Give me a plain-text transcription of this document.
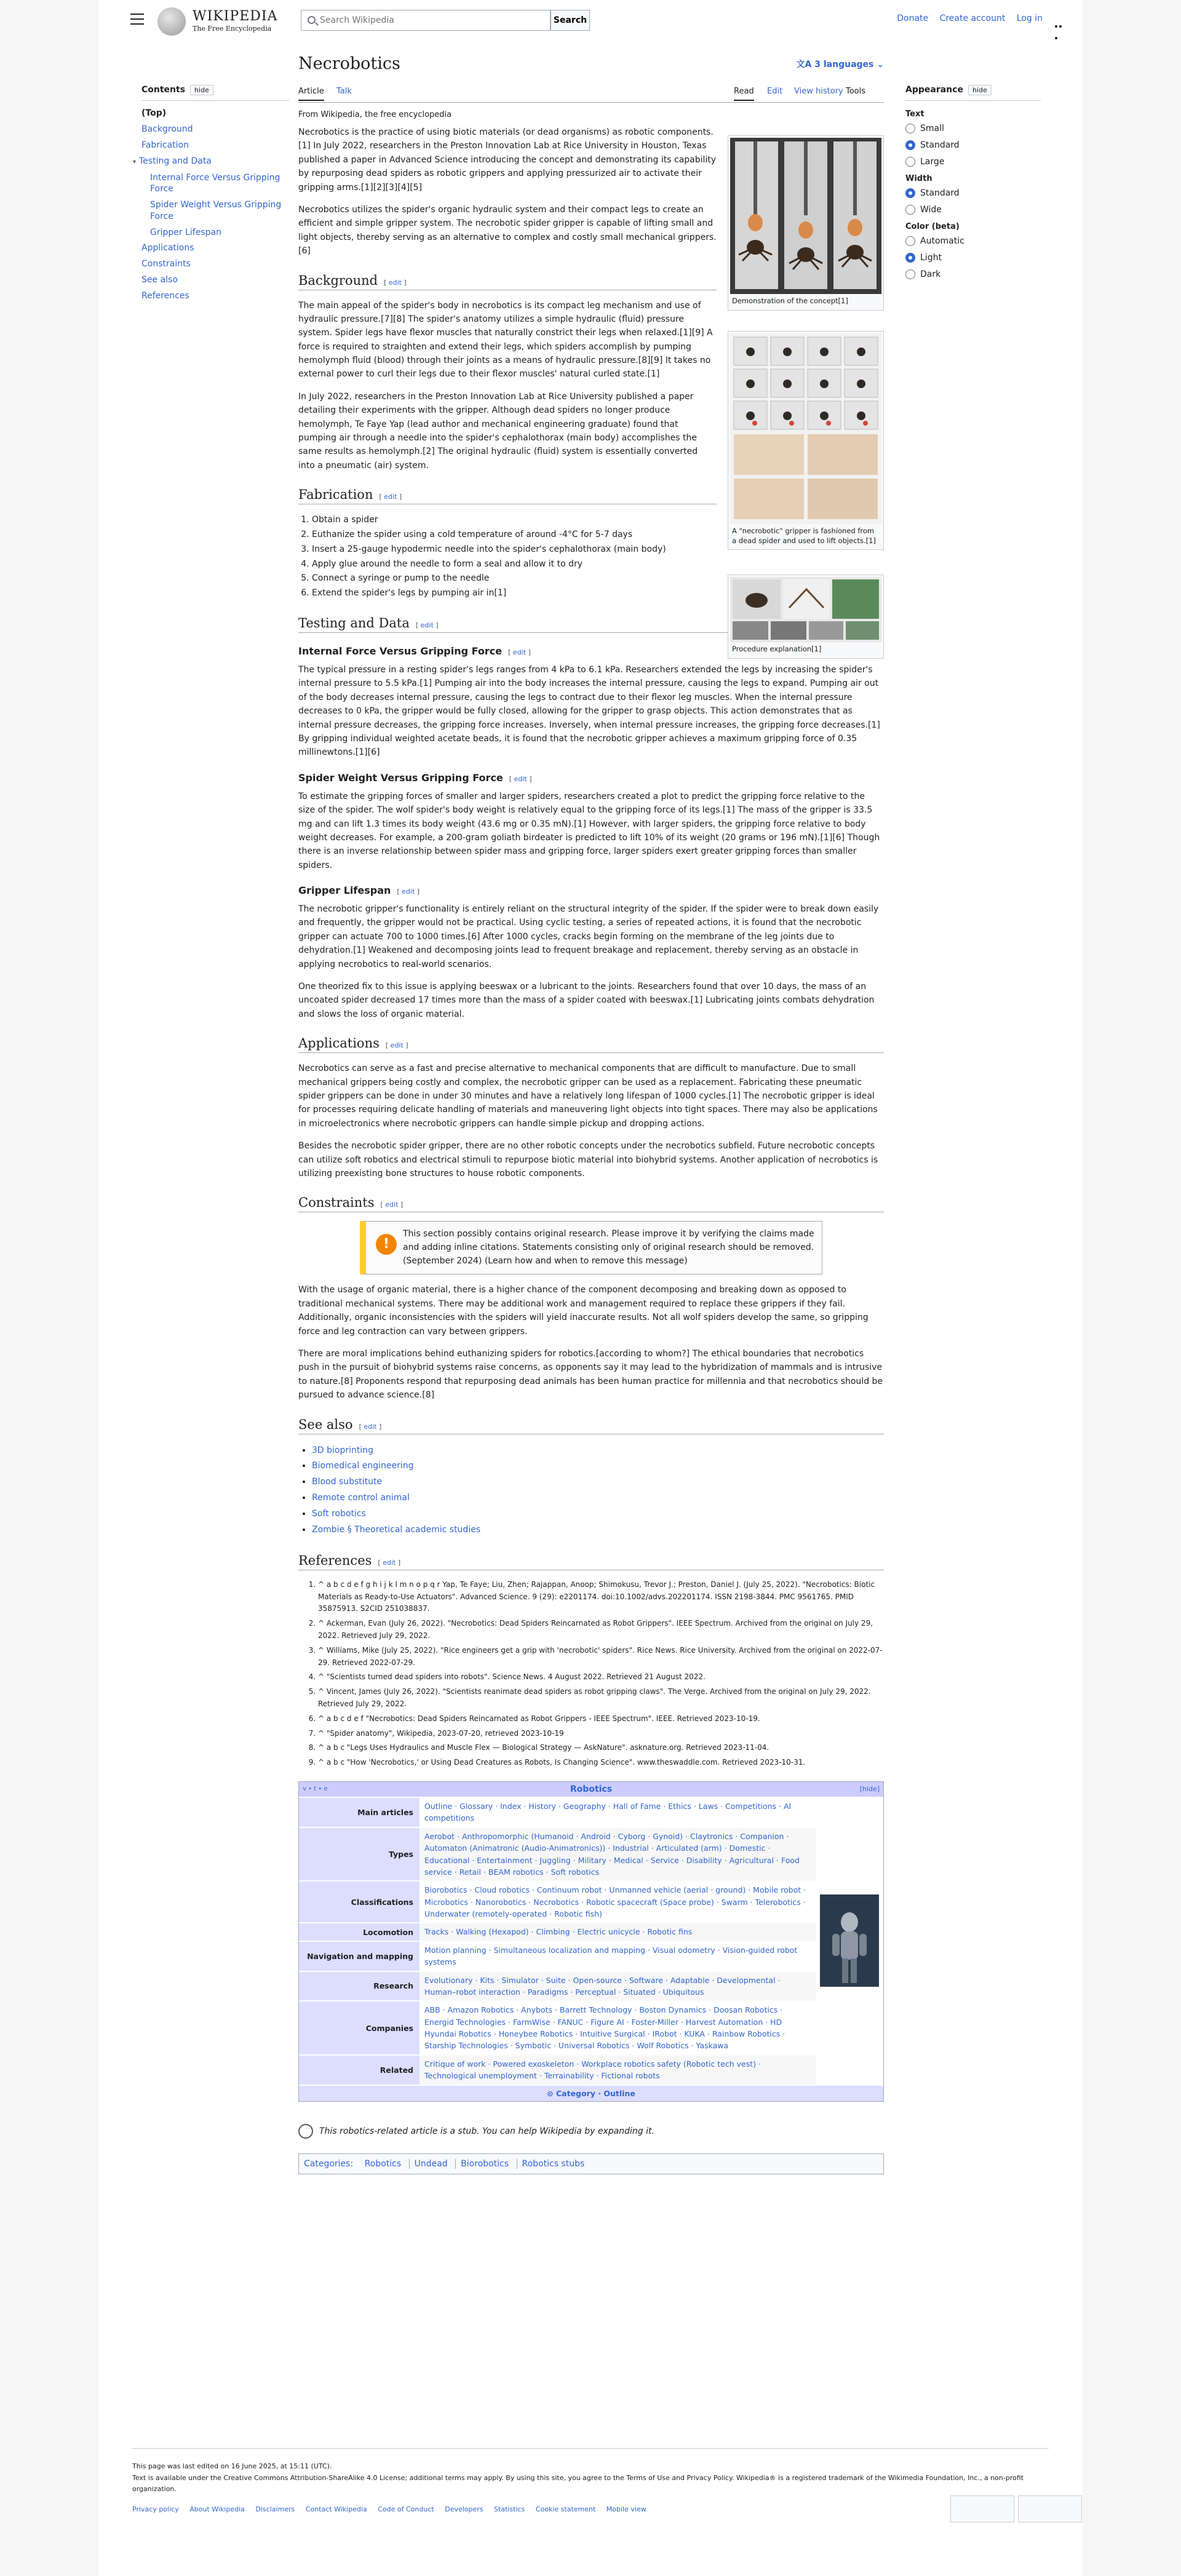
WIKIPEDIA
The Free Encyclopedia
Search Wikipedia
Search	Donate Create account Log in
Contents hide
(Top)
Background
Fabrication
▾ Testing and Data
Internal Force Versus Gripping Force
Spider Weight Versus Gripping Force
Gripper Lifespan
Applications
Constraints
See also
References
Appearance hide
Text
Small
Standard
Large
Width
Standard
Wide
Color (beta)
Automatic
Light
Dark
Necrobotics	文A 3 languages ⌄
Article Talk	Read Edit View history Tools
From Wikipedia, the free encyclopedia

Necrobotics is the practice of using biotic materials (or dead organisms) as robotic components.[1] In July 2022, researchers in the Preston Innovation Lab at Rice University in Houston, Texas published a paper in Advanced Science introducing the concept and demonstrating its capability by repurposing dead spiders as robotic grippers and applying pressurized air to activate their gripping arms.[1][2][3][4][5]

Necrobotics utilizes the spider's organic hydraulic system and their compact legs to create an efficient and simple gripper system. The necrobotic spider gripper is capable of lifting small and light objects, thereby serving as an alternative to complex and costly small mechanical grippers.[6]

Background [ edit ]

The main appeal of the spider's body in necrobotics is its compact leg mechanism and use of hydraulic pressure.[7][8] The spider's anatomy utilizes a simple hydraulic (fluid) pressure system. Spider legs have flexor muscles that naturally constrict their legs when relaxed.[1][9] A force is required to straighten and extend their legs, which spiders accomplish by pumping hemolymph fluid (blood) through their joints as a means of hydraulic pressure.[8][9] It takes no external power to curl their legs due to their flexor muscles' natural curled state.[1]

In July 2022, researchers in the Preston Innovation Lab at Rice University published a paper detailing their experiments with the gripper. Although dead spiders no longer produce hemolymph, Te Faye Yap (lead author and mechanical engineering graduate) found that pumping air through a needle into the spider's cephalothorax (main body) accomplishes the same results as hemolymph.[2] The original hydraulic (fluid) system is essentially converted into a pneumatic (air) system.

Fabrication [ edit ]
1. Obtain a spider
2. Euthanize the spider using a cold temperature of around -4°C for 5-7 days
3. Insert a 25-gauge hypodermic needle into the spider's cephalothorax (main body)
4. Apply glue around the needle to form a seal and allow it to dry
5. Connect a syringe or pump to the needle
6. Extend the spider's legs by pumping air in[1]
Testing and Data [ edit ]
Internal Force Versus Gripping Force [ edit ]

The typical pressure in a resting spider's legs ranges from 4 kPa to 6.1 kPa. Researchers extended the legs by increasing the spider's internal pressure to 5.5 kPa.[1] Pumping air into the body increases the internal pressure, causing the legs to expand. Pumping air out of the body decreases internal pressure, causing the legs to contract due to their flexor leg muscles. When the internal pressure decreases to 0 kPa, the gripper would be fully closed, allowing for the gripper to grasp objects. This action demonstrates that as internal pressure decreases, the gripping force increases. Inversely, when internal pressure increases, the gripping force decreases.[1] By gripping individual weighted acetate beads, it is found that the necrobotic gripper achieves a maximum gripping force of 0.35 millinewtons.[1][6]

Spider Weight Versus Gripping Force [ edit ]

To estimate the gripping forces of smaller and larger spiders, researchers created a plot to predict the gripping force relative to the size of the spider. The wolf spider's body weight is relatively equal to the gripping force of its legs.[1] The mass of the gripper is 33.5 mg and can lift 1.3 times its body weight (43.6 mg or 0.35 mN).[1] However, with larger spiders, the gripping force relative to body weight decreases. For example, a 200-gram goliath birdeater is predicted to lift 10% of its weight (20 grams or 196 mN).[1][6] Though there is an inverse relationship between spider mass and gripping force, larger spiders exert greater gripping forces than smaller spiders.

Gripper Lifespan [ edit ]

The necrobotic gripper's functionality is entirely reliant on the structural integrity of the spider. If the spider were to break down easily and frequently, the gripper would not be practical. Using cyclic testing, a series of repeated actions, it is found that the necrobotic gripper can actuate 700 to 1000 times.[6] After 1000 cycles, cracks begin forming on the membrane of the leg joints due to dehydration.[1] Weakened and decomposing joints lead to frequent breakage and replacement, thereby serving as an obstacle in applying necrobotics to real-world scenarios.

One theorized fix to this issue is applying beeswax or a lubricant to the joints. Researchers found that over 10 days, the mass of an uncoated spider decreased 17 times more than the mass of a spider coated with beeswax.[1] Lubricating joints combats dehydration and slows the loss of organic material.

Applications [ edit ]

Necrobotics can serve as a fast and precise alternative to mechanical components that are difficult to manufacture. Due to small mechanical grippers being costly and complex, the necrobotic gripper can be used as a replacement. Fabricating these pneumatic spider grippers can be done in under 30 minutes and have a relatively long lifespan of 1000 cycles.[1] The necrobotic gripper is ideal for processes requiring delicate handling of materials and maneuvering light objects into tight spaces. There may also be applications in microelectronics where necrobotic grippers can handle simple pickup and dropping actions.

Besides the necrobotic spider gripper, there are no other robotic concepts under the necrobotics subfield. Future necrobotic concepts can utilize soft robotics and electrical stimuli to repurpose biotic material into biohybrid systems. Another application of necrobotics is utilizing preexisting bone structures to house robotic components.

Constraints [ edit ]
!
This section possibly contains original research. Please improve it by verifying the claims made and adding inline citations. Statements consisting only of original research should be removed. (September 2024) (Learn how and when to remove this message)

With the usage of organic material, there is a higher chance of the component decomposing and breaking down as opposed to traditional mechanical systems. There may be additional work and management required to replace these grippers if they fail. Additionally, organic inconsistencies with the spiders will yield inaccurate results. Not all wolf spiders develop the same, so gripping force and leg contraction can vary between grippers.

There are moral implications behind euthanizing spiders for robotics.[according to whom?] The ethical boundaries that necrobotics push in the pursuit of biohybrid systems raise concerns, as opponents say it may lead to the hybridization of mammals and is intrusive to nature.[8] Proponents respond that repurposing dead animals has been human practice for millennia and that necrobotics should be pursued to advance science.[8]

See also [ edit ]
• 3D bioprinting
• Biomedical engineering
• Blood substitute
• Remote control animal
• Soft robotics
• Zombie § Theoretical academic studies
References [ edit ]
1. ^ a b c d e f g h i j k l m n o p q r Yap, Te Faye; Liu, Zhen; Rajappan, Anoop; Shimokusu, Trevor J.; Preston, Daniel J. (July 25, 2022). "Necrobotics: Biotic Materials as Ready-to-Use Actuators". Advanced Science. 9 (29): e2201174. doi:10.1002/advs.202201174. ISSN 2198-3844. PMC 9561765. PMID 35875913. S2CID 251038837.
2. ^ Ackerman, Evan (July 26, 2022). "Necrobotics: Dead Spiders Reincarnated as Robot Grippers". IEEE Spectrum. Archived from the original on July 29, 2022. Retrieved July 29, 2022.
3. ^ Williams, Mike (July 25, 2022). "Rice engineers get a grip with 'necrobotic' spiders". Rice News. Rice University. Archived from the original on 2022-07-29. Retrieved 2022-07-29.
4. ^ "Scientists turned dead spiders into robots". Science News. 4 August 2022. Retrieved 21 August 2022.
5. ^ Vincent, James (July 26, 2022). "Scientists reanimate dead spiders as robot gripping claws". The Verge. Archived from the original on July 29, 2022. Retrieved July 29, 2022.
6. ^ a b c d e f "Necrobotics: Dead Spiders Reincarnated as Robot Grippers - IEEE Spectrum". IEEE. Retrieved 2023-10-19.
7. ^ "Spider anatomy", Wikipedia, 2023-07-20, retrieved 2023-10-19
8. ^ a b c "Legs Uses Hydraulics and Muscle Flex — Biological Strategy — AskNature". asknature.org. Retrieved 2023-11-04.
9. ^ a b c "How 'Necrobotics,' or Using Dead Creatures as Robots, Is Changing Science". www.theswaddle.com. Retrieved 2023-10-31.
v • t • e	Robotics	[hide]
Main articles
Outline · Glossary · Index · History · Geography · Hall of Fame · Ethics · Laws · Competitions · AI competitions
Types
Aerobot · Anthropomorphic (Humanoid · Android · Cyborg · Gynoid) · Claytronics · Companion · Automaton (Animatronic (Audio-Animatronics)) · Industrial · Articulated (arm) · Domestic · Educational · Entertainment · Juggling · Military · Medical · Service · Disability · Agricultural · Food service · Retail · BEAM robotics · Soft robotics
Classifications
Biorobotics · Cloud robotics · Continuum robot · Unmanned vehicle (aerial · ground) · Mobile robot · Microbotics · Nanorobotics · Necrobotics · Robotic spacecraft (Space probe) · Swarm · Telerobotics · Underwater (remotely-operated · Robotic fish)
Locomotion	Tracks · Walking (Hexapod) · Climbing · Electric unicycle · Robotic fins
Navigation and mapping
Motion planning · Simultaneous localization and mapping · Visual odometry · Vision-guided robot systems
Research
Evolutionary · Kits · Simulator · Suite · Open-source · Software · Adaptable · Developmental · Human–robot interaction · Paradigms · Perceptual · Situated · Ubiquitous
Companies
ABB · Amazon Robotics · Anybots · Barrett Technology · Boston Dynamics · Doosan Robotics · Energid Technologies · FarmWise · FANUC · Figure AI · Foster-Miller · Harvest Automation · HD Hyundai Robotics · Honeybee Robotics · Intuitive Surgical · IRobot · KUKA · Rainbow Robotics · Starship Technologies · Symbotic · Universal Robotics · Wolf Robotics · Yaskawa
Related
Critique of work · Powered exoskeleton · Workplace robotics safety (Robotic tech vest) · Technological unemployment · Terrainability · Fictional robots
⊙ Category · Outline
This robotics-related article is a stub. You can help Wikipedia by expanding it.
Categories: Robotics Undead Biorobotics Robotics stubs
Demonstration of the concept[1]
A "necrobotic" gripper is fashioned from a dead spider and used to lift objects.[1]
Procedure explanation[1]
This page was last edited on 16 June 2025, at 15:11 (UTC).
Text is available under the Creative Commons Attribution-ShareAlike 4.0 License; additional terms may apply. By using this site, you agree to the Terms of Use and Privacy Policy. Wikipedia® is a registered trademark of the Wikimedia Foundation, Inc., a non-profit organization.
Privacy policy About Wikipedia Disclaimers Contact Wikipedia Code of Conduct Developers Statistics Cookie statement Mobile view
